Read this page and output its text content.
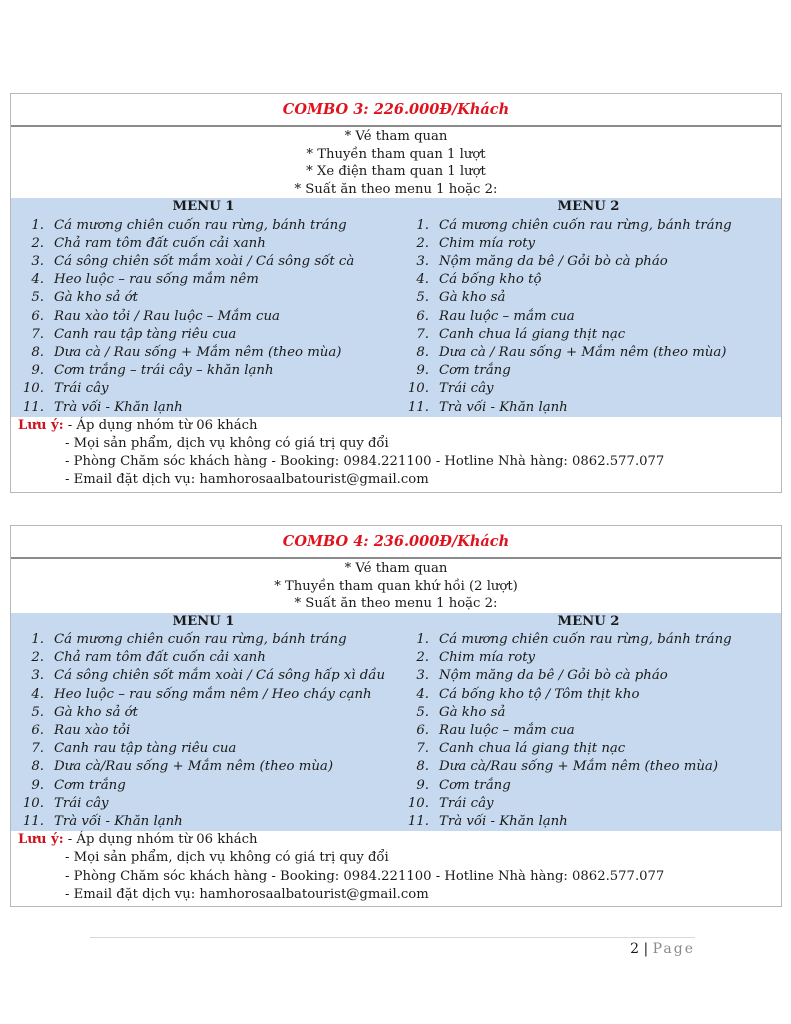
COMBO 3: 226.000Đ/Khách
* Vé tham quan
* Thuyền tham quan 1 lượt
* Xe điện tham quan 1 lượt
* Suất ăn theo menu 1 hoặc 2:
MENU 1
1. Cá mương chiên cuốn rau rừng, bánh tráng
2. Chả ram tôm đất cuốn cải xanh
3. Cá sông chiên sốt mắm xoài / Cá sông sốt cà
4. Heo luộc – rau sống mắm nêm
5. Gà kho sả ớt
6. Rau xào tỏi / Rau luộc – Mắm cua
7. Canh rau tập tàng riêu cua
8. Dưa cà / Rau sống + Mắm nêm (theo mùa)
9. Cơm trắng – trái cây – khăn lạnh
10. Trái cây
11. Trà vối - Khăn lạnh
MENU 2
1. Cá mương chiên cuốn rau rừng, bánh tráng
2. Chim mía roty
3. Nộm măng da bê / Gỏi bò cà pháo
4. Cá bống kho tộ
5. Gà kho sả
6. Rau luộc – mắm cua
7. Canh chua lá giang thịt nạc
8. Dưa cà / Rau sống + Mắm nêm (theo mùa)
9. Cơm trắng
10. Trái cây
11. Trà vối - Khăn lạnh
Lưu ý: - Áp dụng nhóm từ 06 khách
- Mọi sản phẩm, dịch vụ không có giá trị quy đổi
- Phòng Chăm sóc khách hàng - Booking: 0984.221100 - Hotline Nhà hàng: 0862.577.077
- Email đặt dịch vụ: hamhorosaalbatourist@gmail.com
COMBO 4: 236.000Đ/Khách
* Vé tham quan
* Thuyền tham quan khứ hồi (2 lượt)
* Suất ăn theo menu 1 hoặc 2:
MENU 1
1. Cá mương chiên cuốn rau rừng, bánh tráng
2. Chả ram tôm đất cuốn cải xanh
3. Cá sông chiên sốt mắm xoài / Cá sông hấp xì dầu
4. Heo luộc – rau sống mắm nêm / Heo cháy cạnh
5. Gà kho sả ớt
6. Rau xào tỏi
7. Canh rau tập tàng riêu cua
8. Dưa cà/Rau sống + Mắm nêm (theo mùa)
9. Cơm trắng
10. Trái cây
11. Trà vối - Khăn lạnh
MENU 2
1. Cá mương chiên cuốn rau rừng, bánh tráng
2. Chim mía roty
3. Nộm măng da bê / Gỏi bò cà pháo
4. Cá bống kho tộ / Tôm thịt kho
5. Gà kho sả
6. Rau luộc – mắm cua
7. Canh chua lá giang thịt nạc
8. Dưa cà/Rau sống + Mắm nêm (theo mùa)
9. Cơm trắng
10. Trái cây
11. Trà vối - Khăn lạnh
Lưu ý: - Áp dụng nhóm từ 06 khách
- Mọi sản phẩm, dịch vụ không có giá trị quy đổi
- Phòng Chăm sóc khách hàng - Booking: 0984.221100 - Hotline Nhà hàng: 0862.577.077
- Email đặt dịch vụ: hamhorosaalbatourist@gmail.com
2 | Page
